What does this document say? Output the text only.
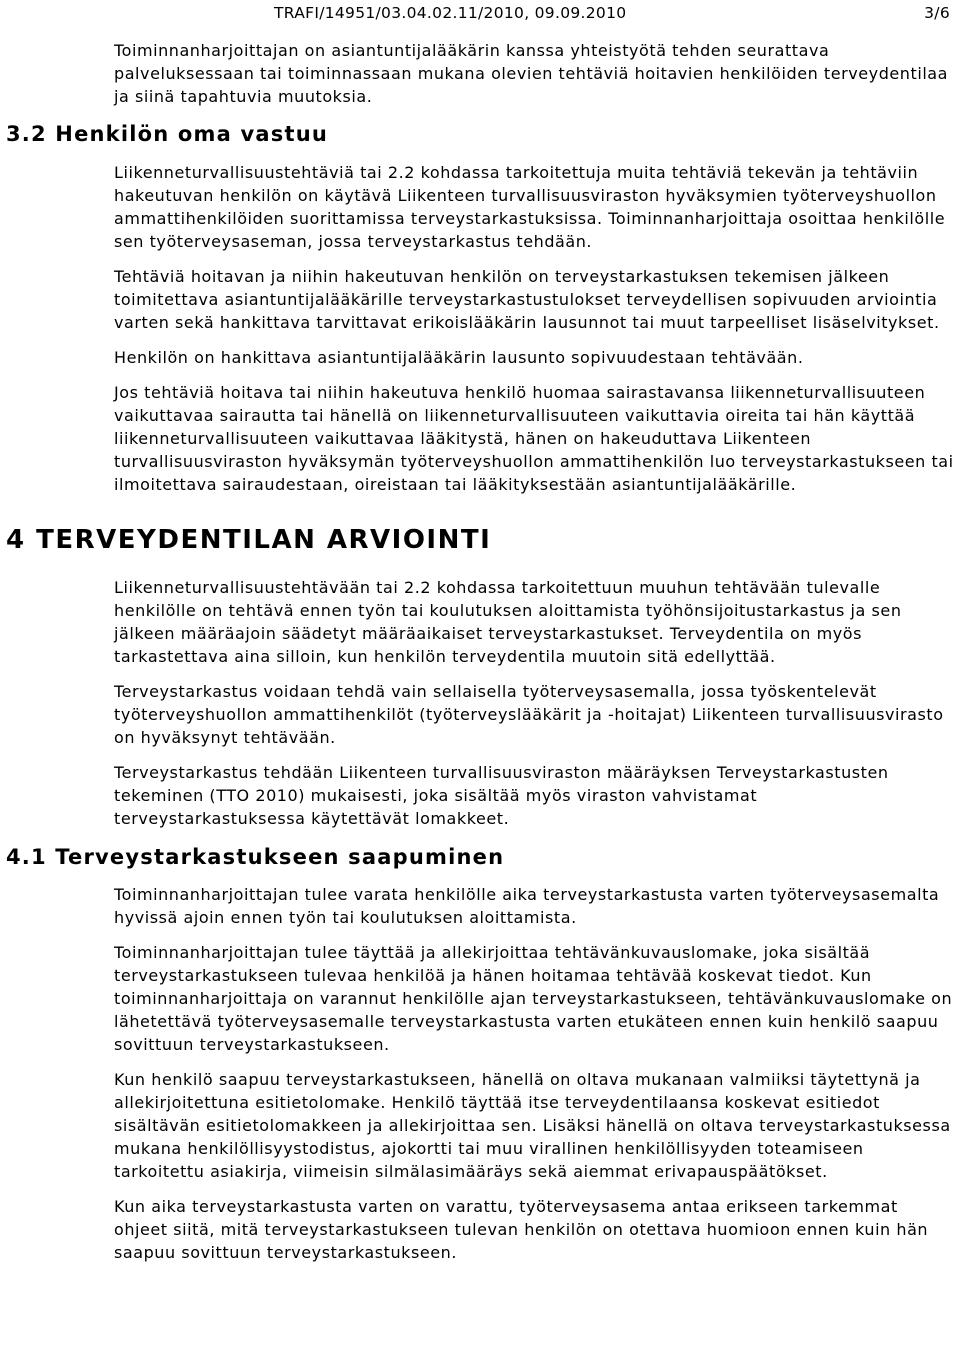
TRAFI/14951/03.04.02.11/2010, 09.09.2010	3/6

Toiminnanharjoittajan on asiantuntijalääkärin kanssa yhteistyötä tehden seurattava palveluksessaan tai toiminnassaan mukana olevien tehtäviä hoitavien henkilöiden terveydentilaa ja siinä tapahtuvia muutoksia.

3.2 Henkilön oma vastuu

Liikenneturvallisuustehtäviä tai 2.2 kohdassa tarkoitettuja muita tehtäviä tekevän ja tehtäviin hakeutuvan henkilön on käytävä Liikenteen turvallisuusviraston hyväksymien työterveyshuollon ammattihenkilöiden suorittamissa terveystarkastuksissa. Toiminnanharjoittaja osoittaa henkilölle sen työterveysaseman, jossa terveystarkastus tehdään.

Tehtäviä hoitavan ja niihin hakeutuvan henkilön on terveystarkastuksen tekemisen jälkeen toimitettava asiantuntijalääkärille terveystarkastustulokset terveydellisen sopivuuden arviointia varten sekä hankittava tarvittavat erikoislääkärin lausunnot tai muut tarpeelliset lisäselvitykset.

Henkilön on hankittava asiantuntijalääkärin lausunto sopivuudestaan tehtävään.

Jos tehtäviä hoitava tai niihin hakeutuva henkilö huomaa sairastavansa liikenneturvallisuuteen vaikuttavaa sairautta tai hänellä on liikenneturvallisuuteen vaikuttavia oireita tai hän käyttää liikenneturvallisuuteen vaikuttavaa lääkitystä, hänen on hakeuduttava Liikenteen turvallisuusviraston hyväksymän työterveyshuollon ammattihenkilön luo terveystarkastukseen tai ilmoitettava sairaudestaan, oireistaan tai lääkityksestään asiantuntijalääkärille.

4 TERVEYDENTILAN ARVIOINTI

Liikenneturvallisuustehtävään tai 2.2 kohdassa tarkoitettuun muuhun tehtävään tulevalle henkilölle on tehtävä ennen työn tai koulutuksen aloittamista työhönsijoitustarkastus ja sen jälkeen määräajoin säädetyt määräaikaiset terveystarkastukset. Terveydentila on myös tarkastettava aina silloin, kun henkilön terveydentila muutoin sitä edellyttää.

Terveystarkastus voidaan tehdä vain sellaisella työterveysasemalla, jossa työskentelevät työterveyshuollon ammattihenkilöt (työterveyslääkärit ja -hoitajat) Liikenteen turvallisuusvirasto on hyväksynyt tehtävään.

Terveystarkastus tehdään Liikenteen turvallisuusviraston määräyksen Terveystarkastusten tekeminen (TTO 2010) mukaisesti, joka sisältää myös viraston vahvistamat terveystarkastuksessa käytettävät lomakkeet.

4.1 Terveystarkastukseen saapuminen

Toiminnanharjoittajan tulee varata henkilölle aika terveystarkastusta varten työterveysasemalta hyvissä ajoin ennen työn tai koulutuksen aloittamista.

Toiminnanharjoittajan tulee täyttää ja allekirjoittaa tehtävänkuvauslomake, joka sisältää terveystarkastukseen tulevaa henkilöä ja hänen hoitamaa tehtävää koskevat tiedot. Kun toiminnanharjoittaja on varannut henkilölle ajan terveystarkastukseen, tehtävänkuvauslomake on lähetettävä työterveysasemalle terveystarkastusta varten etukäteen ennen kuin henkilö saapuu sovittuun terveystarkastukseen.

Kun henkilö saapuu terveystarkastukseen, hänellä on oltava mukanaan valmiiksi täytettynä ja allekirjoitettuna esitietolomake. Henkilö täyttää itse terveydentilaansa koskevat esitiedot sisältävän esitietolomakkeen ja allekirjoittaa sen. Lisäksi hänellä on oltava terveystarkastuksessa mukana henkilöllisyystodistus, ajokortti tai muu virallinen henkilöllisyyden toteamiseen tarkoitettu asiakirja, viimeisin silmälasimääräys sekä aiemmat erivapauspäätökset.

Kun aika terveystarkastusta varten on varattu, työterveysasema antaa erikseen tarkemmat ohjeet siitä, mitä terveystarkastukseen tulevan henkilön on otettava huomioon ennen kuin hän saapuu sovittuun terveystarkastukseen.
